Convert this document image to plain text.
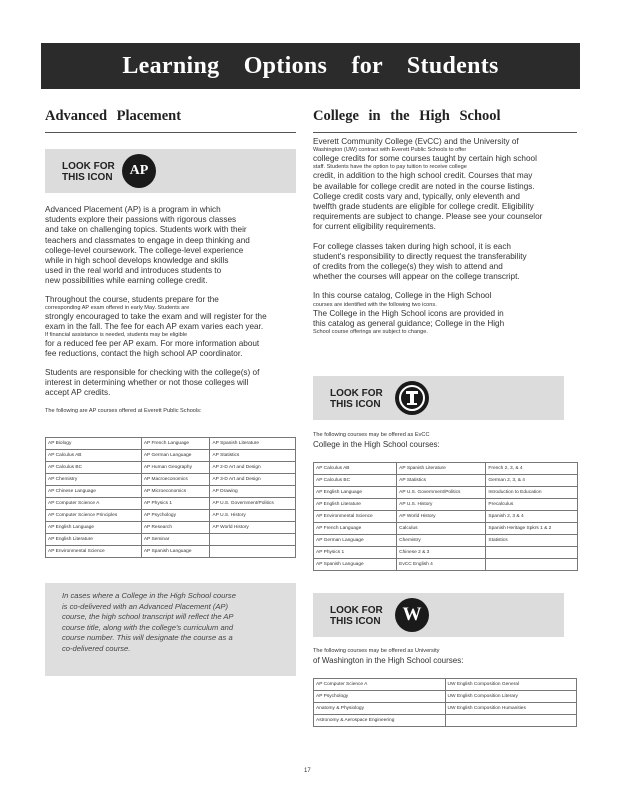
Learning Options for Students
Advanced Placement
LOOK FOR
THIS ICON	AP

Advanced Placement (AP) is a program in which

students explore their passions with rigorous classes

and take on challenging topics. Students work with their

teachers and classmates to engage in deep thinking and

college-level coursework. The college-level experience

while in high school develops knowledge and skills

used in the real world and introduces students to

new possibilities while earning college credit.

Throughout the course, students prepare for the

corresponding AP exam offered in early May. Students are

strongly encouraged to take the exam and will register for the

exam in the fall. The fee for each AP exam varies each year.

If financial assistance is needed, students may be eligible

for a reduced fee per AP exam. For more information about

fee reductions, contact the high school AP coordinator.

Students are responsible for checking with the college(s) of

interest in determining whether or not those colleges will

accept AP credits.

The following are AP courses offered at Everett Public Schools:

AP Biology	AP French Language	AP Spanish Literature
AP Calculus AB	AP German Language	AP Statistics
AP Calculus BC	AP Human Geography	AP 2-D Art and Design
AP Chemistry	AP Macroeconomics	AP 3-D Art and Design
AP Chinese Language	AP Microeconomics	AP Drawing
AP Computer Science A	AP Physics 1	AP U.S. Government/Politics
AP Computer Science Principles	AP Psychology	AP U.S. History
AP English Language	AP Research	AP World History
AP English Literature	AP Seminar	
AP Environmental Science	AP Spanish Language	
In cases where a College in the High School course
is co-delivered with an Advanced Placement (AP)
course, the high school transcript will reflect the AP
course title, along with the college's curriculum and
course number. This will designate the course as a
co-delivered course.
College in the High School

Everett Community College (EvCC) and the University of

Washington (UW) contract with Everett Public Schools to offer

college credits for some courses taught by certain high school

staff. Students have the option to pay tuition to receive college

credit, in addition to the high school credit. Courses that may

be available for college credit are noted in the course listings.

College credit costs vary and, typically, only eleventh and

twelfth grade students are eligible for college credit. Eligibility

requirements are subject to change. Please see your counselor

for current eligibility requirements.

For college classes taken during high school, it is each

student's responsibility to directly request the transferability

of credits from the college(s) they wish to attend and

whether the courses will appear on the college transcript.

In this course catalog, College in the High School

courses are identified with the following two icons.

The College in the High School icons are provided in

this catalog as general guidance; College in the High

School course offerings are subject to change.

LOOK FOR
THIS ICON

The following courses may be offered as EvCC

College in the High School courses:

AP Calculus AB	AP Spanish Literature	French 2, 3, & 4
AP Calculus BC	AP Statistics	German 2, 3, & 4
AP English Language	AP U.S. Government/Politics	Introduction to Education
AP English Literature	AP U.S. History	Precalculus
AP Environmental Science	AP World History	Spanish 2, 3 & 4
AP French Language	Calculus	Spanish Heritage Spkrs 1 & 2
AP German Language	Chemistry	Statistics
AP Physics 1	Chinese 2 & 3	
AP Spanish Language	EvCC English 4	
LOOK FOR
THIS ICON	W

The following courses may be offered as University

of Washington in the High School courses:

AP Computer Science A	UW English Composition General
AP Psychology	UW English Composition Literary
Anatomy & Physiology	UW English Composition Humanities
Astronomy & Aerospace Engineering	
17
